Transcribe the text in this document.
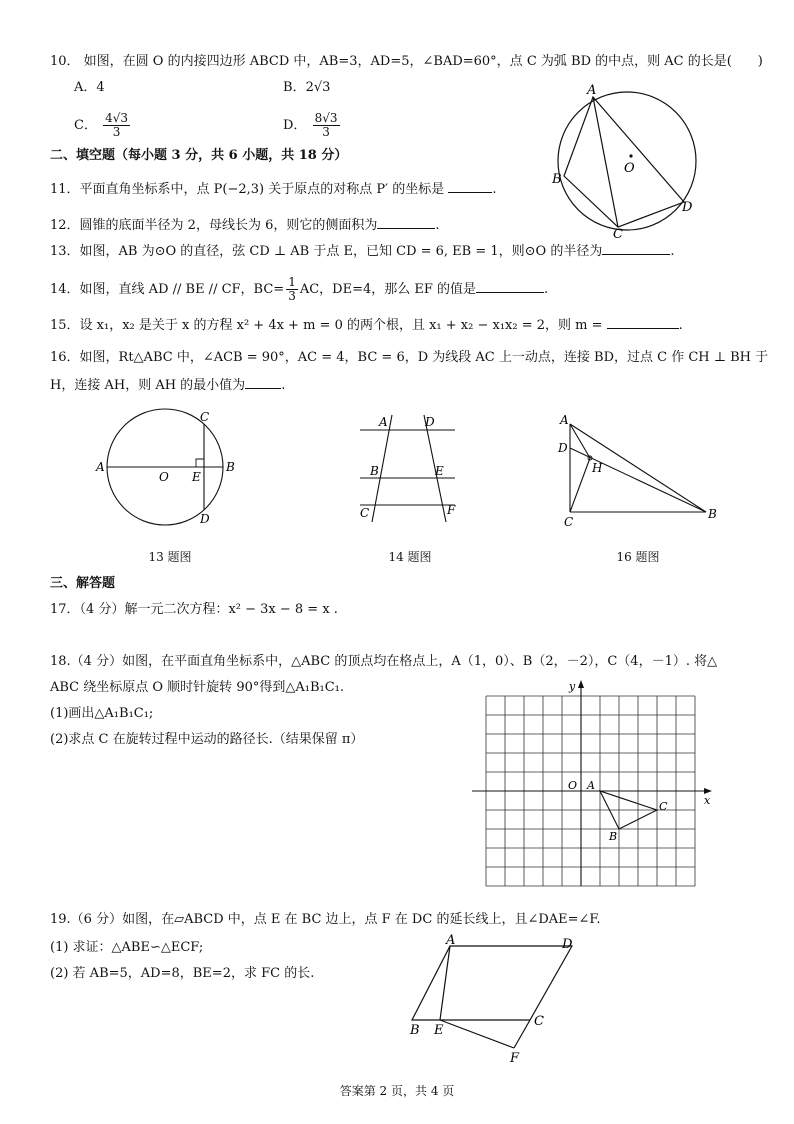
10． 如图，在圆 O 的内接四边形 ABCD 中，AB=3，AD=5，∠BAD=60°，点 C 为弧 BD 的中点，则 AC 的长是(　　)
A．4	B．2√3
C． $\frac{4√3}{3}$	D． $\frac{8√3}{3}$
A
B
C
D
O
二、填空题（每小题 3 分，共 6 小题，共 18 分）
11．平面直角坐标系中，点 P(−2,3) 关于原点的对称点 P′ 的坐标是	.
12．圆锥的底面半径为 2，母线长为 6，则它的侧面积为	.
13．如图，AB 为⊙O 的直径，弦 CD ⊥ AB 于点 E，已知 CD = 6, EB = 1，则⊙O 的半径为	.
14．如图，直线 AD // BE // CF，$BC= \frac{1}{3}$ AC，DE=4，那么 EF 的值是	.
15．设 x₁，x₂ 是关于 x 的方程 x² + 4x + m = 0 的两个根，且 x₁ + x₂ − x₁x₂ = 2，则 m =	.
16．如图，Rt△ABC 中，∠ACB = 90°，AC = 4，BC = 6，D 为线段 AC 上一动点，连接 BD，过点 C 作 CH ⊥ BH 于
H，连接 AH，则 AH 的最小值为	.
A	B
C
D
E
O
13 题图
A	D
B	E
C	F
14 题图
A
D
H
C
B
16 题图
三、解答题
17．（4 分）解一元二次方程：x² − 3x − 8 = x .
18.（4 分）如图，在平面直角坐标系中，△ABC 的顶点均在格点上，A（1，0）、B（2，－2），C（4，－1）. 将△
ABC 绕坐标原点 O 顺时针旋转 90°得到△A₁B₁C₁.
(1)画出△A₁B₁C₁;
(2)求点 C 在旋转过程中运动的路径长.（结果保留 π）
x
y
O A
B
C
19.（6 分）如图，在▱ABCD 中，点 E 在 BC 边上，点 F 在 DC 的延长线上，且∠DAE=∠F.
(1) 求证：△ABE∽△ECF;
(2) 若 AB=5，AD=8，BE=2，求 FC 的长.
A	D
B E
C
F
答案第 2 页，共 4 页
